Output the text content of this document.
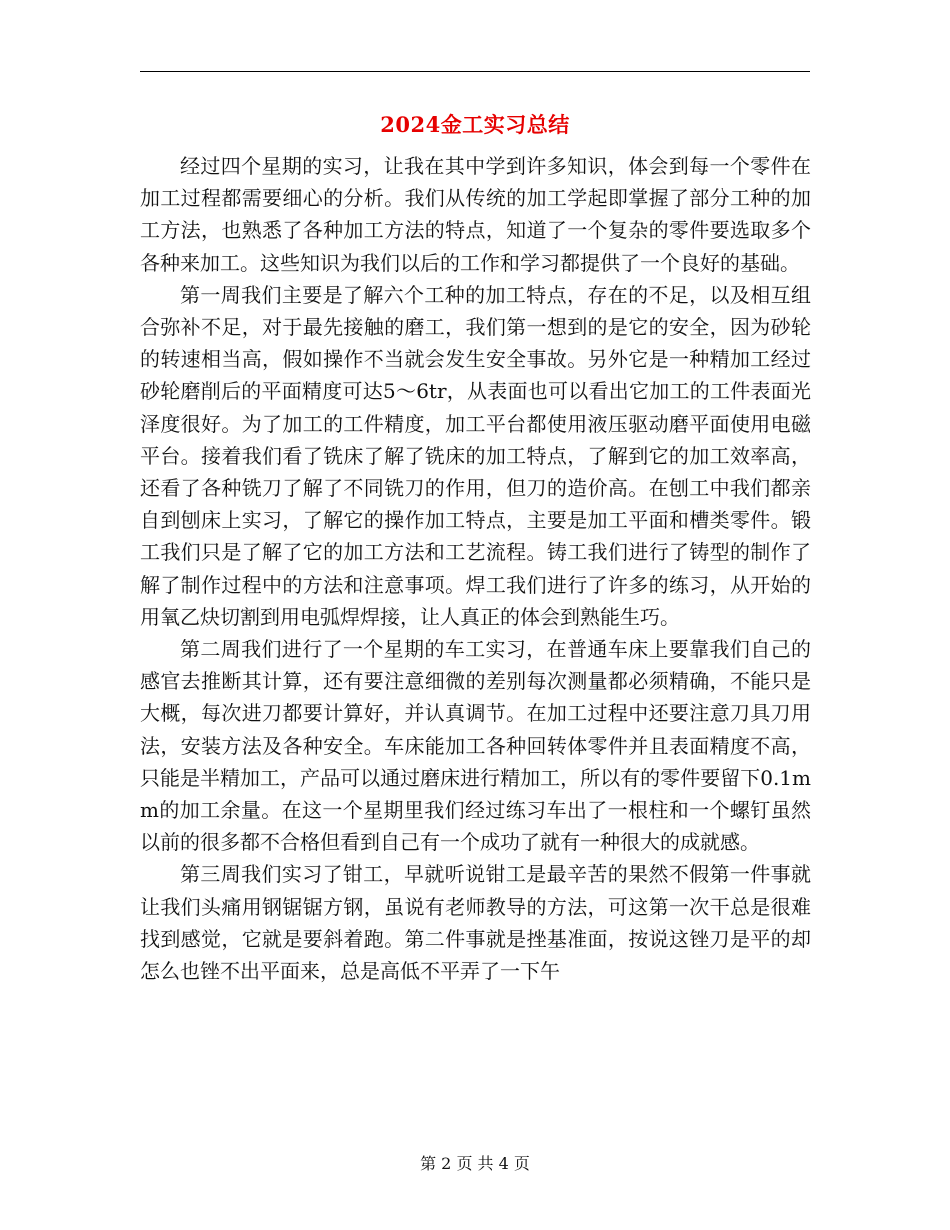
2024金工实习总结

经过四个星期的实习，让我在其中学到许多知识，体会到每一个零件在加工过程都需要细心的分析。我们从传统的加工学起即掌握了部分工种的加工方法，也熟悉了各种加工方法的特点，知道了一个复杂的零件要选取多个各种来加工。这些知识为我们以后的工作和学习都提供了一个良好的基础。

第一周我们主要是了解六个工种的加工特点，存在的不足，以及相互组合弥补不足，对于最先接触的磨工，我们第一想到的是它的安全，因为砂轮的转速相当高，假如操作不当就会发生安全事故。另外它是一种精加工经过砂轮磨削后的平面精度可达5～6tr，从表面也可以看出它加工的工件表面光泽度很好。为了加工的工件精度，加工平台都使用液压驱动磨平面使用电磁平台。接着我们看了铣床了解了铣床的加工特点，了解到它的加工效率高，还看了各种铣刀了解了不同铣刀的作用，但刀的造价高。在刨工中我们都亲自到刨床上实习，了解它的操作加工特点，主要是加工平面和槽类零件。锻工我们只是了解了它的加工方法和工艺流程。铸工我们进行了铸型的制作了解了制作过程中的方法和注意事项。焊工我们进行了许多的练习，从开始的用氧乙炔切割到用电弧焊焊接，让人真正的体会到熟能生巧。

第二周我们进行了一个星期的车工实习，在普通车床上要靠我们自己的感官去推断其计算，还有要注意细微的差别每次测量都必须精确，不能只是大概，每次进刀都要计算好，并认真调节。在加工过程中还要注意刀具刀用法，安装方法及各种安全。车床能加工各种回转体零件并且表面精度不高，只能是半精加工，产品可以通过磨床进行精加工，所以有的零件要留下0.1mm的加工余量。在这一个星期里我们经过练习车出了一根柱和一个螺钉虽然以前的很多都不合格但看到自己有一个成功了就有一种很大的成就感。

第三周我们实习了钳工，早就听说钳工是最辛苦的果然不假第一件事就让我们头痛用钢锯锯方钢，虽说有老师教导的方法，可这第一次干总是很难找到感觉，它就是要斜着跑。第二件事就是挫基准面，按说这锉刀是平的却怎么也锉不出平面来，总是高低不平弄了一下午

第 2 页 共 4 页
